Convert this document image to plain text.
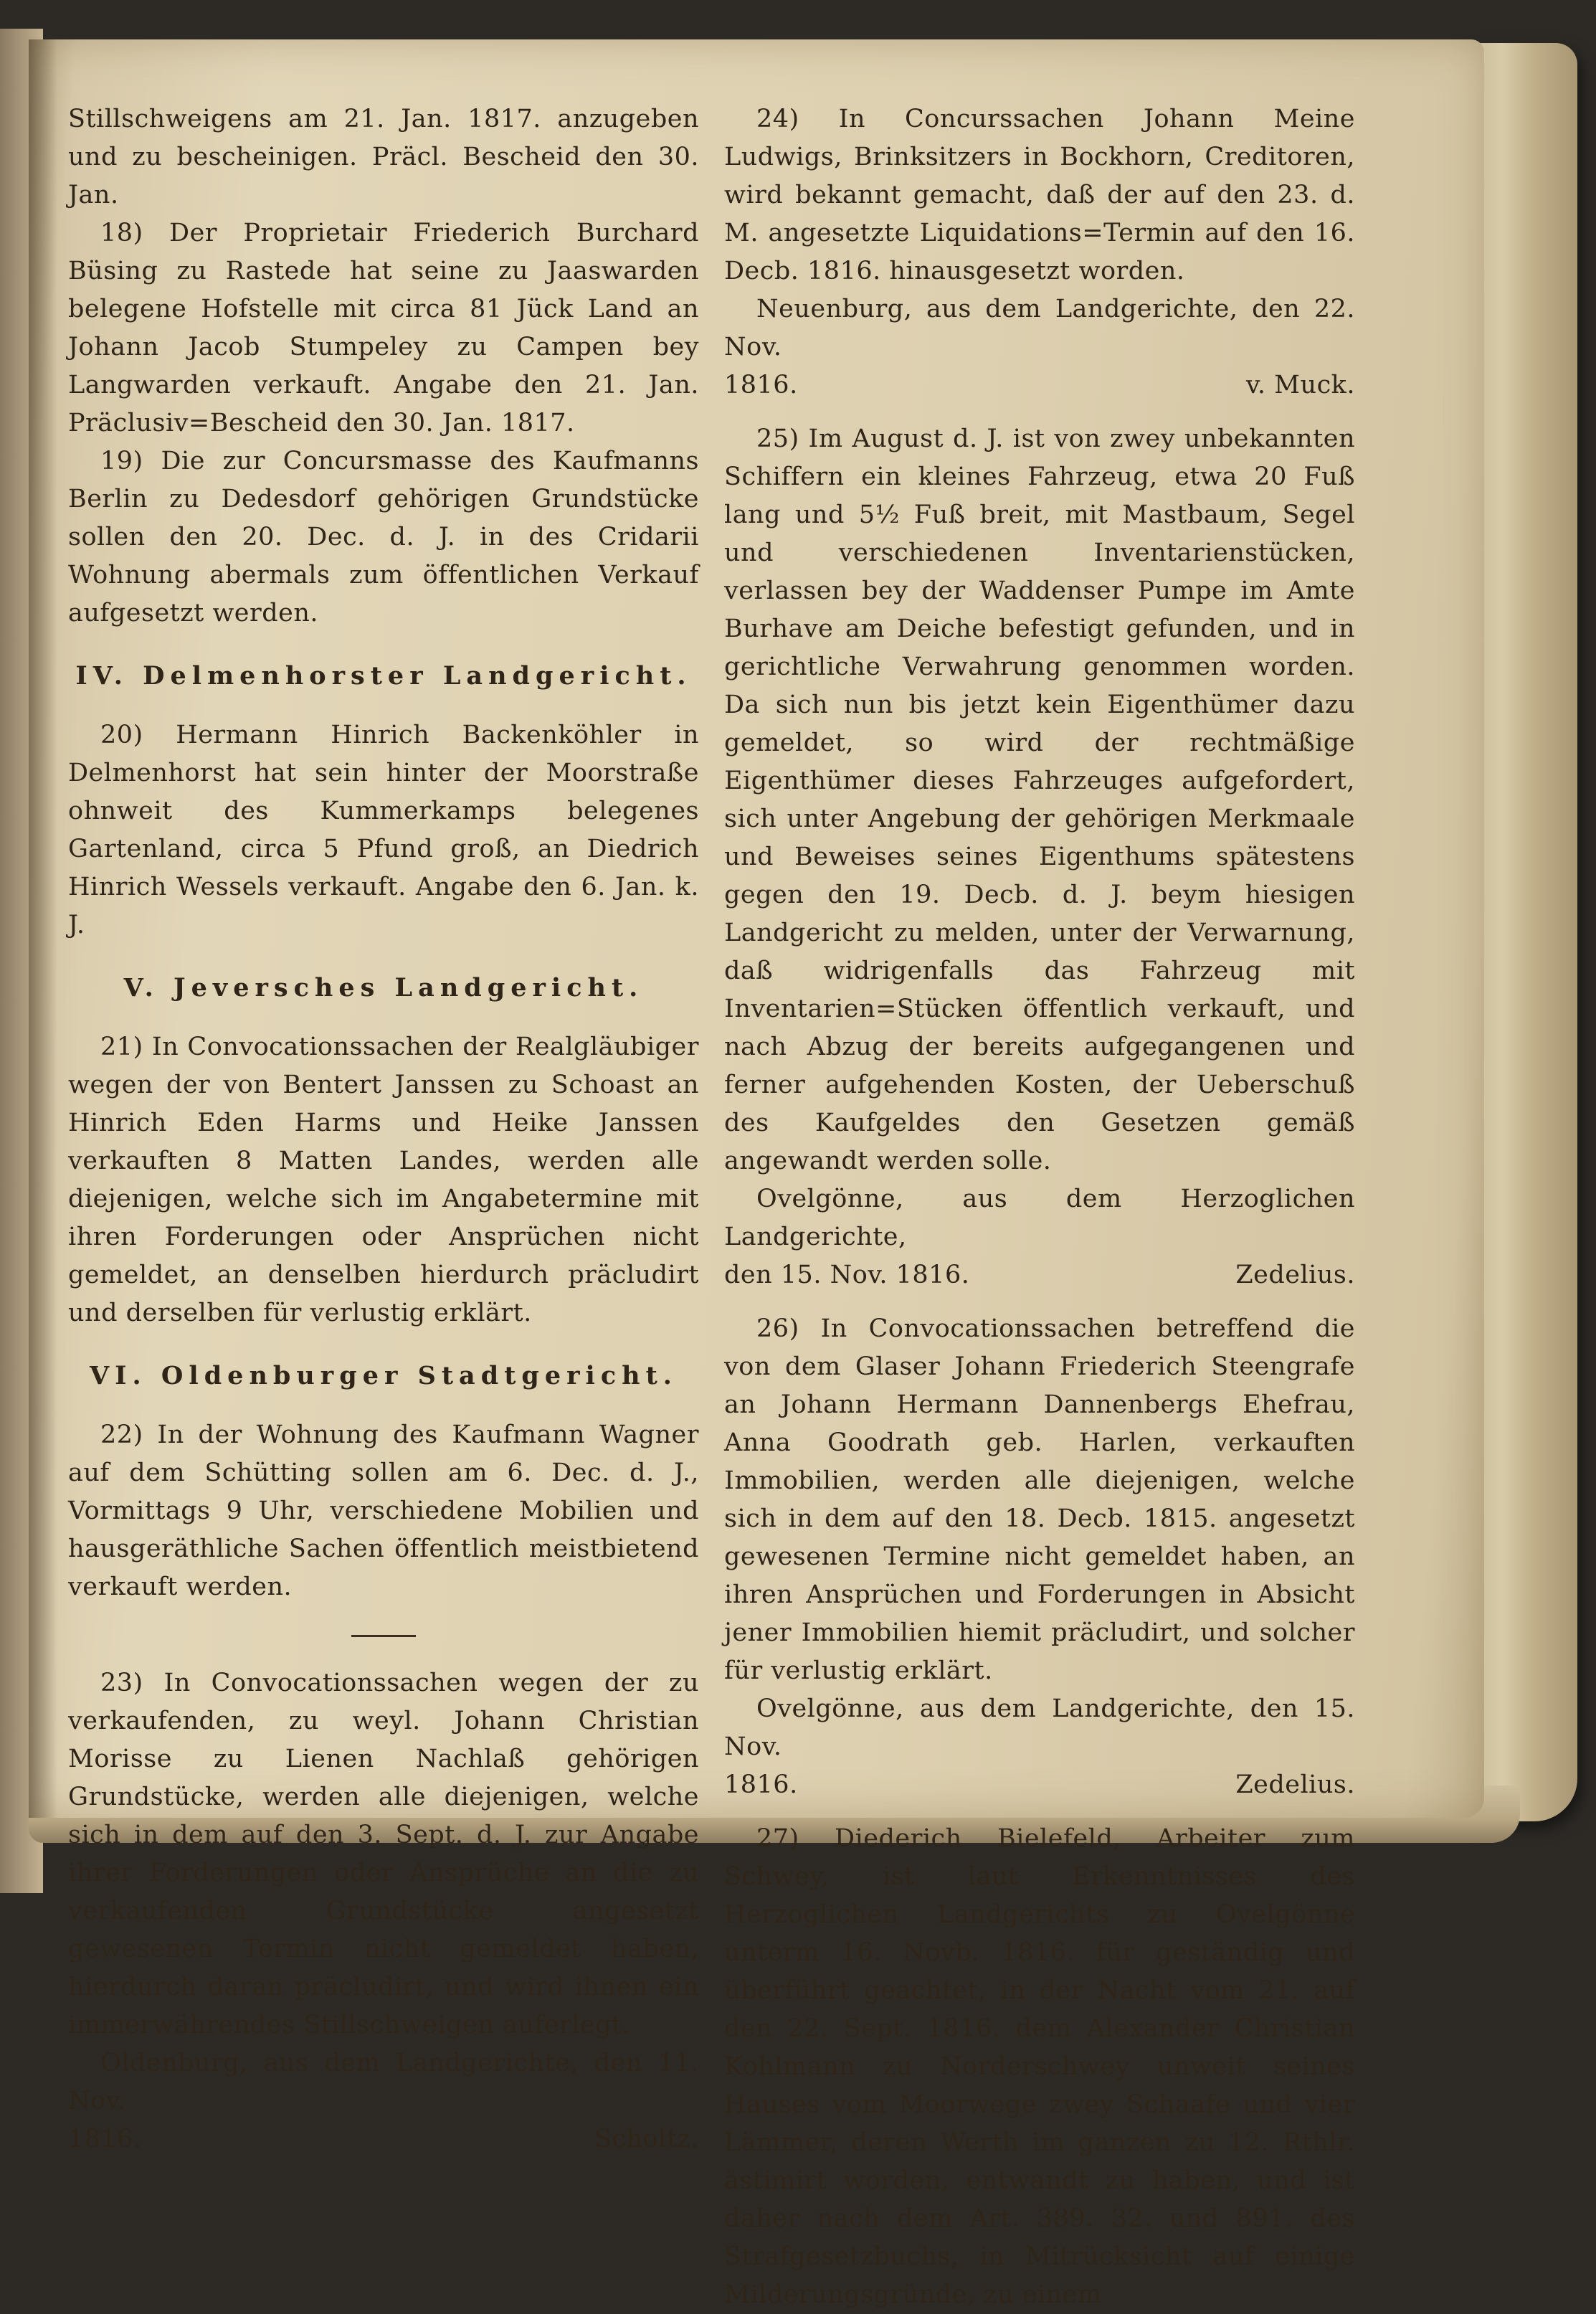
Stillschweigens am 21. Jan. 1817. anzugeben und zu bescheinigen. Präcl. Bescheid den 30. Jan.

18) Der Proprietair Friederich Burchard Büsing zu Rastede hat seine zu Jaaswarden belegene Hofstelle mit circa 81 Jück Land an Johann Jacob Stumpeley zu Campen bey Langwarden verkauft. Angabe den 21. Jan. Präclusiv=Bescheid den 30. Jan. 1817.

19) Die zur Concursmasse des Kaufmanns Berlin zu Dedesdorf gehörigen Grundstücke sollen den 20. Dec. d. J. in des Cridarii Wohnung abermals zum öffentlichen Verkauf aufgesetzt werden.

IV. Delmenhorster Landgericht.

20) Hermann Hinrich Backenköhler in Delmenhorst hat sein hinter der Moorstraße ohnweit des Kummerkamps belegenes Gartenland, circa 5 Pfund groß, an Diedrich Hinrich Wessels verkauft. Angabe den 6. Jan. k. J.

V. Jeversches Landgericht.

21) In Convocationssachen der Realgläubiger wegen der von Bentert Janssen zu Schoast an Hinrich Eden Harms und Heike Janssen verkauften 8 Matten Landes, werden alle diejenigen, welche sich im Angabetermine mit ihren Forderungen oder Ansprüchen nicht gemeldet, an denselben hierdurch präcludirt und derselben für verlustig erklärt.

VI. Oldenburger Stadtgericht.

22) In der Wohnung des Kaufmann Wagner auf dem Schütting sollen am 6. Dec. d. J., Vormittags 9 Uhr, verschiedene Mobilien und hausgeräthliche Sachen öffentlich meistbietend verkauft werden.

23) In Convocationssachen wegen der zu verkaufenden, zu weyl. Johann Christian Morisse zu Lienen Nachlaß gehörigen Grundstücke, werden alle diejenigen, welche sich in dem auf den 3. Sept. d. J. zur Angabe ihrer Forderungen oder Ansprüche an die zu verkaufenden Grundstücke angesetzt gewesenen Termin nicht gemeldet haben, hierdurch daran präcludirt, und wird ihnen ein immerwährendes Stillschweigen auferlegt.

Oldenburg, aus dem Landgerichte, den 11. Nov.

1816.	Scholtz.

24) In Concurssachen Johann Meine Ludwigs, Brinksitzers in Bockhorn, Creditoren, wird bekannt gemacht, daß der auf den 23. d. M. angesetzte Liquidations=Termin auf den 16. Decb. 1816. hinausgesetzt worden.

Neuenburg, aus dem Landgerichte, den 22. Nov.

1816.	v. Muck.

25) Im August d. J. ist von zwey unbekannten Schiffern ein kleines Fahrzeug, etwa 20 Fuß lang und 5½ Fuß breit, mit Mastbaum, Segel und verschiedenen Inventarienstücken, verlassen bey der Waddenser Pumpe im Amte Burhave am Deiche befestigt gefunden, und in gerichtliche Verwahrung genommen worden. Da sich nun bis jetzt kein Eigenthümer dazu gemeldet, so wird der rechtmäßige Eigenthümer dieses Fahrzeuges aufgefordert, sich unter Angebung der gehörigen Merkmaale und Beweises seines Eigenthums spätestens gegen den 19. Decb. d. J. beym hiesigen Landgericht zu melden, unter der Verwarnung, daß widrigenfalls das Fahrzeug mit Inventarien=Stücken öffentlich verkauft, und nach Abzug der bereits aufgegangenen und ferner aufgehenden Kosten, der Ueberschuß des Kaufgeldes den Gesetzen gemäß angewandt werden solle.

Ovelgönne, aus dem Herzoglichen Landgerichte,

den 15. Nov. 1816.	Zedelius.

26) In Convocationssachen betreffend die von dem Glaser Johann Friederich Steengrafe an Johann Hermann Dannenbergs Ehefrau, Anna Goodrath geb. Harlen, verkauften Immobilien, werden alle diejenigen, welche sich in dem auf den 18. Decb. 1815. angesetzt gewesenen Termine nicht gemeldet haben, an ihren Ansprüchen und Forderungen in Absicht jener Immobilien hiemit präcludirt, und solcher für verlustig erklärt.

Ovelgönne, aus dem Landgerichte, den 15. Nov.

1816.	Zedelius.

27) Diederich Bielefeld, Arbeiter zum Schwey, ist laut Erkenntnisses des Herzoglichen Landgerichts zu Ovelgönne unterm 16. Novb. 1816. für geständig und überführt geachtet, in der Nacht vom 21. auf den 22. Sept. 1816. dem Alexander Christian Kohlmann zu Norderschwey unweit seines Hauses vom Moorwege zwey Schaafe und vier Lämmer, deren Werth im ganzen zu 12. Rthlr. ästimirt worden, entwandt zu haben, und ist daher nach dem Art. 389. 32. und 891. des Strafgesetzbuchs, in Mitrücksicht auf einige Milderungsgründe, zu einem
